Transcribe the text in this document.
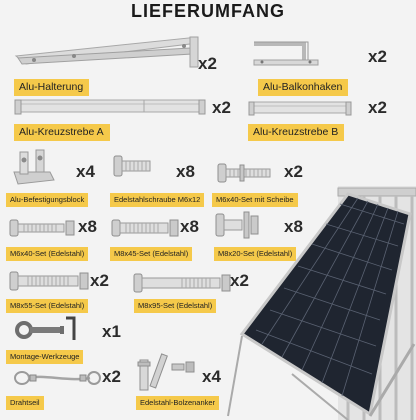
LIEFERUMFANG
x2
Alu-Halterung
x2
Alu-Balkonhaken
x2
Alu-Kreuzstrebe A
x2
Alu-Kreuzstrebe B
x4
Alu-Befestigungsblock
x8
Edelstahlschraube M6x12
x2
M6x40-Set mit Scheibe
x8
M6x40-Set (Edelstahl)
x8
M8x45-Set (Edelstahl)
x8
M8x20-Set (Edelstahl)
x2
M8x55-Set (Edelstahl)
x2
M8x95-Set (Edelstahl)
x1
Montage-Werkzeuge
x2
Drahtseil
x4
Edelstahl-Bolzenanker
